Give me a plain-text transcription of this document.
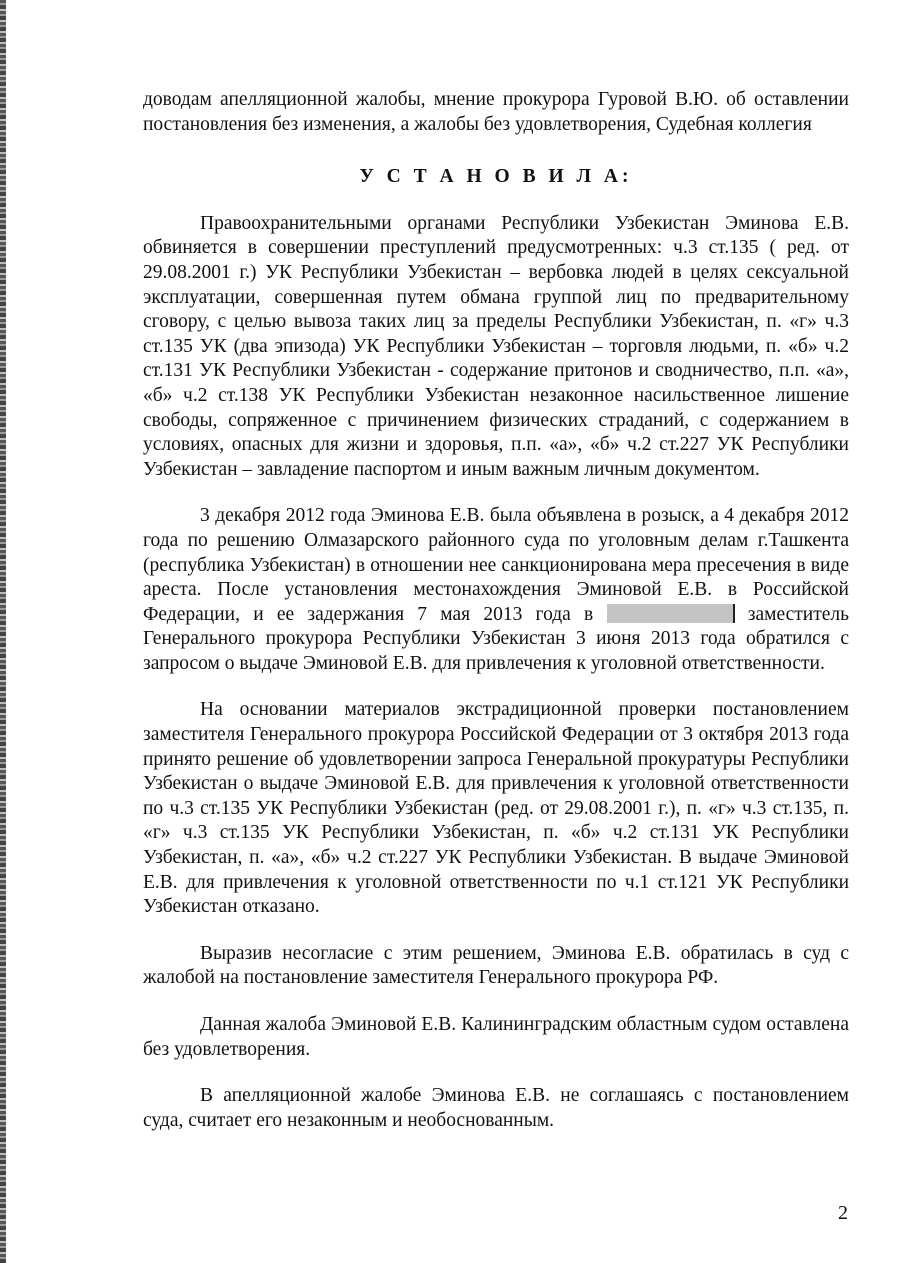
доводам апелляционной жалобы, мнение прокурора Гуровой В.Ю. об оставлении постановления без изменения, а жалобы без удовлетворения, Судебная коллегия

У С Т А Н О В И Л А:

Правоохранительными органами Республики Узбекистан Эминова Е.В. обвиняется в совершении преступлений предусмотренных: ч.3 ст.135 ( ред. от 29.08.2001 г.) УК Республики Узбекистан – вербовка людей в целях сексуальной эксплуатации, совершенная путем обмана группой лиц по предварительному сговору, с целью вывоза таких лиц за пределы Республики Узбекистан, п. «г» ч.3 ст.135 УК (два эпизода) УК Республики Узбекистан – торговля людьми, п. «б» ч.2 ст.131 УК Республики Узбекистан - содержание притонов и сводничество, п.п. «а», «б» ч.2 ст.138 УК Республики Узбекистан незаконное насильственное лишение свободы, сопряженное с причинением физических страданий, с содержанием в условиях, опасных для жизни и здоровья, п.п. «а», «б» ч.2 ст.227 УК Республики Узбекистан – завладение паспортом и иным важным личным документом.

3 декабря 2012 года Эминова Е.В. была объявлена в розыск, а 4 декабря 2012 года по решению Олмазарского районного суда по уголовным делам г.Ташкента (республика Узбекистан) в отношении нее санкционирована мера пресечения в виде ареста. После установления местонахождения Эминовой Е.В. в Российской Федерации, и ее задержания 7 мая 2013 года в	заместитель Генерального прокурора Республики Узбекистан 3 июня 2013 года обратился с запросом о выдаче Эминовой Е.В. для привлечения к уголовной ответственности.

На основании материалов экстрадиционной проверки постановлением заместителя Генерального прокурора Российской Федерации от 3 октября 2013 года принято решение об удовлетворении запроса Генеральной прокуратуры Республики Узбекистан о выдаче Эминовой Е.В. для привлечения к уголовной ответственности по ч.3 ст.135 УК Республики Узбекистан (ред. от 29.08.2001 г.), п. «г» ч.3 ст.135, п. «г» ч.3 ст.135 УК Республики Узбекистан, п. «б» ч.2 ст.131 УК Республики Узбекистан, п. «а», «б» ч.2 ст.227 УК Республики Узбекистан. В выдаче Эминовой Е.В. для привлечения к уголовной ответственности по ч.1 ст.121 УК Республики Узбекистан отказано.

Выразив несогласие с этим решением, Эминова Е.В. обратилась в суд с жалобой на постановление заместителя Генерального прокурора РФ.

Данная жалоба Эминовой Е.В. Калининградским областным судом оставлена без удовлетворения.

В апелляционной жалобе Эминова Е.В. не соглашаясь с постановлением суда, считает его незаконным и необоснованным.

2
